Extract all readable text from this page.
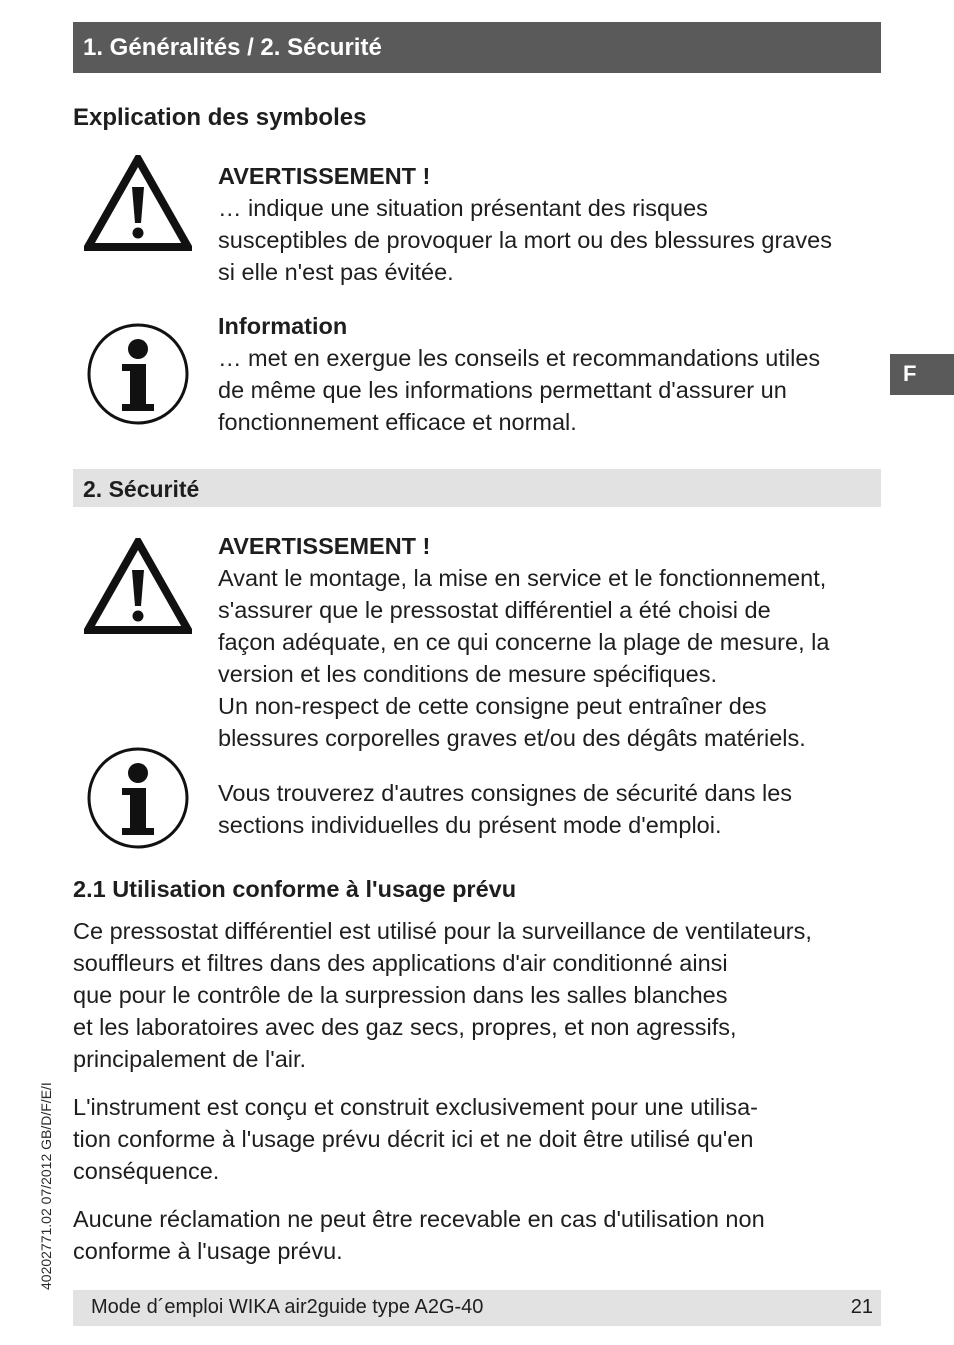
1. Généralités / 2. Sécurité
Explication des symboles

AVERTISSEMENT !

… indique une situation présentant des risques

susceptibles de provoquer la mort ou des blessures graves

si elle n'est pas évitée.

Information

… met en exergue les conseils et recommandations utiles

de même que les informations permettant d'assurer un

fonctionnement efficace et normal.

F
2. Sécurité

AVERTISSEMENT !

Avant le montage, la mise en service et le fonctionnement,

s'assurer que le pressostat différentiel a été choisi de

façon adéquate, en ce qui concerne la plage de mesure, la

version et les conditions de mesure spécifiques.

Un non-respect de cette consigne peut entraîner des

blessures corporelles graves et/ou des dégâts matériels.

Vous trouverez d'autres consignes de sécurité dans les

sections individuelles du présent mode d'emploi.

2.1 Utilisation conforme à l'usage prévu

Ce pressostat différentiel est utilisé pour la surveillance de ventilateurs,

souffleurs et filtres dans des applications d'air conditionné ainsi

que pour le contrôle de la surpression dans les salles blanches

et les laboratoires avec des gaz secs, propres, et non agressifs,

principalement de l'air.

L'instrument est conçu et construit exclusivement pour une utilisa-

tion conforme à l'usage prévu décrit ici et ne doit être utilisé qu'en

conséquence.

Aucune réclamation ne peut être recevable en cas d'utilisation non

conforme à l'usage prévu.

40202771.02 07/2012 GB/D/F/E/I
Mode d´emploi WIKA air2guide type A2G-40	21
